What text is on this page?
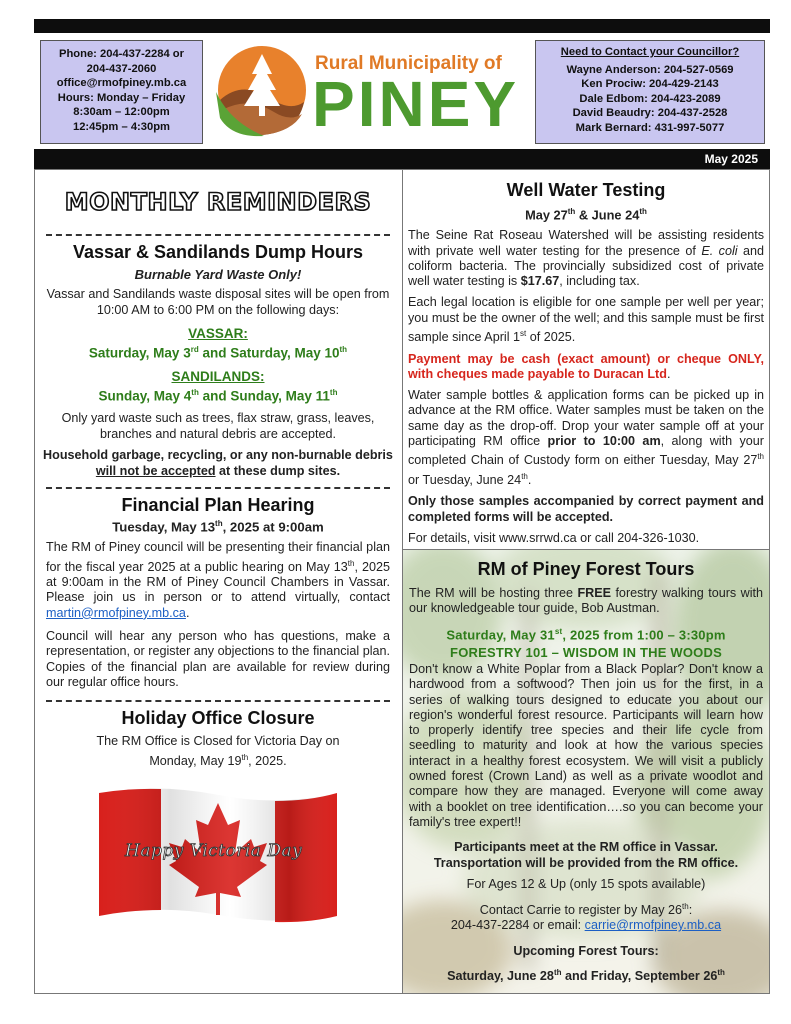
Phone: 204-437-2284 or
204-437-2060
office@rmofpiney.mb.ca
Hours: Monday – Friday
8:30am – 12:00pm
12:45pm – 4:30pm
Rural Municipality of
PINEY
Need to Contact your Councillor?
Wayne Anderson: 204-527-0569
Ken Prociw: 204-429-2143
Dale Edbom: 204-423-2089
David Beaudry: 204-437-2528
Mark Bernard: 431-997-5077
May 2025
MONTHLY REMINDERS
Vassar & Sandilands Dump Hours
Burnable Yard Waste Only!
Vassar and Sandilands waste disposal sites will be open from 10:00 AM to 6:00 PM on the following days:
VASSAR:
Saturday, May 3rd and Saturday, May 10th
SANDILANDS:
Sunday, May 4th and Sunday, May 11th
Only yard waste such as trees, flax straw, grass, leaves, branches and natural debris are accepted.
Household garbage, recycling, or any non-burnable debris will not be accepted at these dump sites.
Financial Plan Hearing
Tuesday, May 13th, 2025 at 9:00am
The RM of Piney council will be presenting their financial plan for the fiscal year 2025 at a public hearing on May 13th, 2025 at 9:00am in the RM of Piney Council Chambers in Vassar. Please join us in person or to attend virtually, contact martin@rmofpiney.mb.ca.
Council will hear any person who has questions, make a representation, or register any objections to the financial plan. Copies of the financial plan are available for review during our regular office hours.
Holiday Office Closure
The RM Office is Closed for Victoria Day on
Monday, May 19th, 2025.
Happy Victoria Day
Well Water Testing
May 27th & June 24th
The Seine Rat Roseau Watershed will be assisting residents with private well water testing for the presence of E. coli and coliform bacteria. The provincially subsidized cost of private well water testing is $17.67, including tax.
Each legal location is eligible for one sample per well per year; you must be the owner of the well; and this sample must be first sample since April 1st of 2025.
Payment may be cash (exact amount) or cheque ONLY, with cheques made payable to Duracan Ltd.
Water sample bottles & application forms can be picked up in advance at the RM office. Water samples must be taken on the same day as the drop-off. Drop your water sample off at your participating RM office prior to 10:00 am, along with your completed Chain of Custody form on either Tuesday, May 27th or Tuesday, June 24th.
Only those samples accompanied by correct payment and completed forms will be accepted.
For details, visit www.srrwd.ca or call 204-326-1030.
RM of Piney Forest Tours
The RM will be hosting three FREE forestry walking tours with our knowledgeable tour guide, Bob Austman.
Saturday, May 31st, 2025 from 1:00 – 3:30pm
FORESTRY 101 – WISDOM IN THE WOODS
Don't know a White Poplar from a Black Poplar? Don't know a hardwood from a softwood? Then join us for the first, in a series of walking tours designed to educate you about our region's wonderful forest resource. Participants will learn how to properly identify tree species and their life cycle from seedling to maturity and look at how the various species interact in a healthy forest ecosystem. We will visit a publicly owned forest (Crown Land) as well as a private woodlot and compare how they are managed. Everyone will come away with a booklet on tree identification….so you can become your family's tree expert!!
Participants meet at the RM office in Vassar.
Transportation will be provided from the RM office.
For Ages 12 & Up (only 15 spots available)
Contact Carrie to register by May 26th:
204-437-2284 or email: carrie@rmofpiney.mb.ca
Upcoming Forest Tours:
Saturday, June 28th and Friday, September 26th
